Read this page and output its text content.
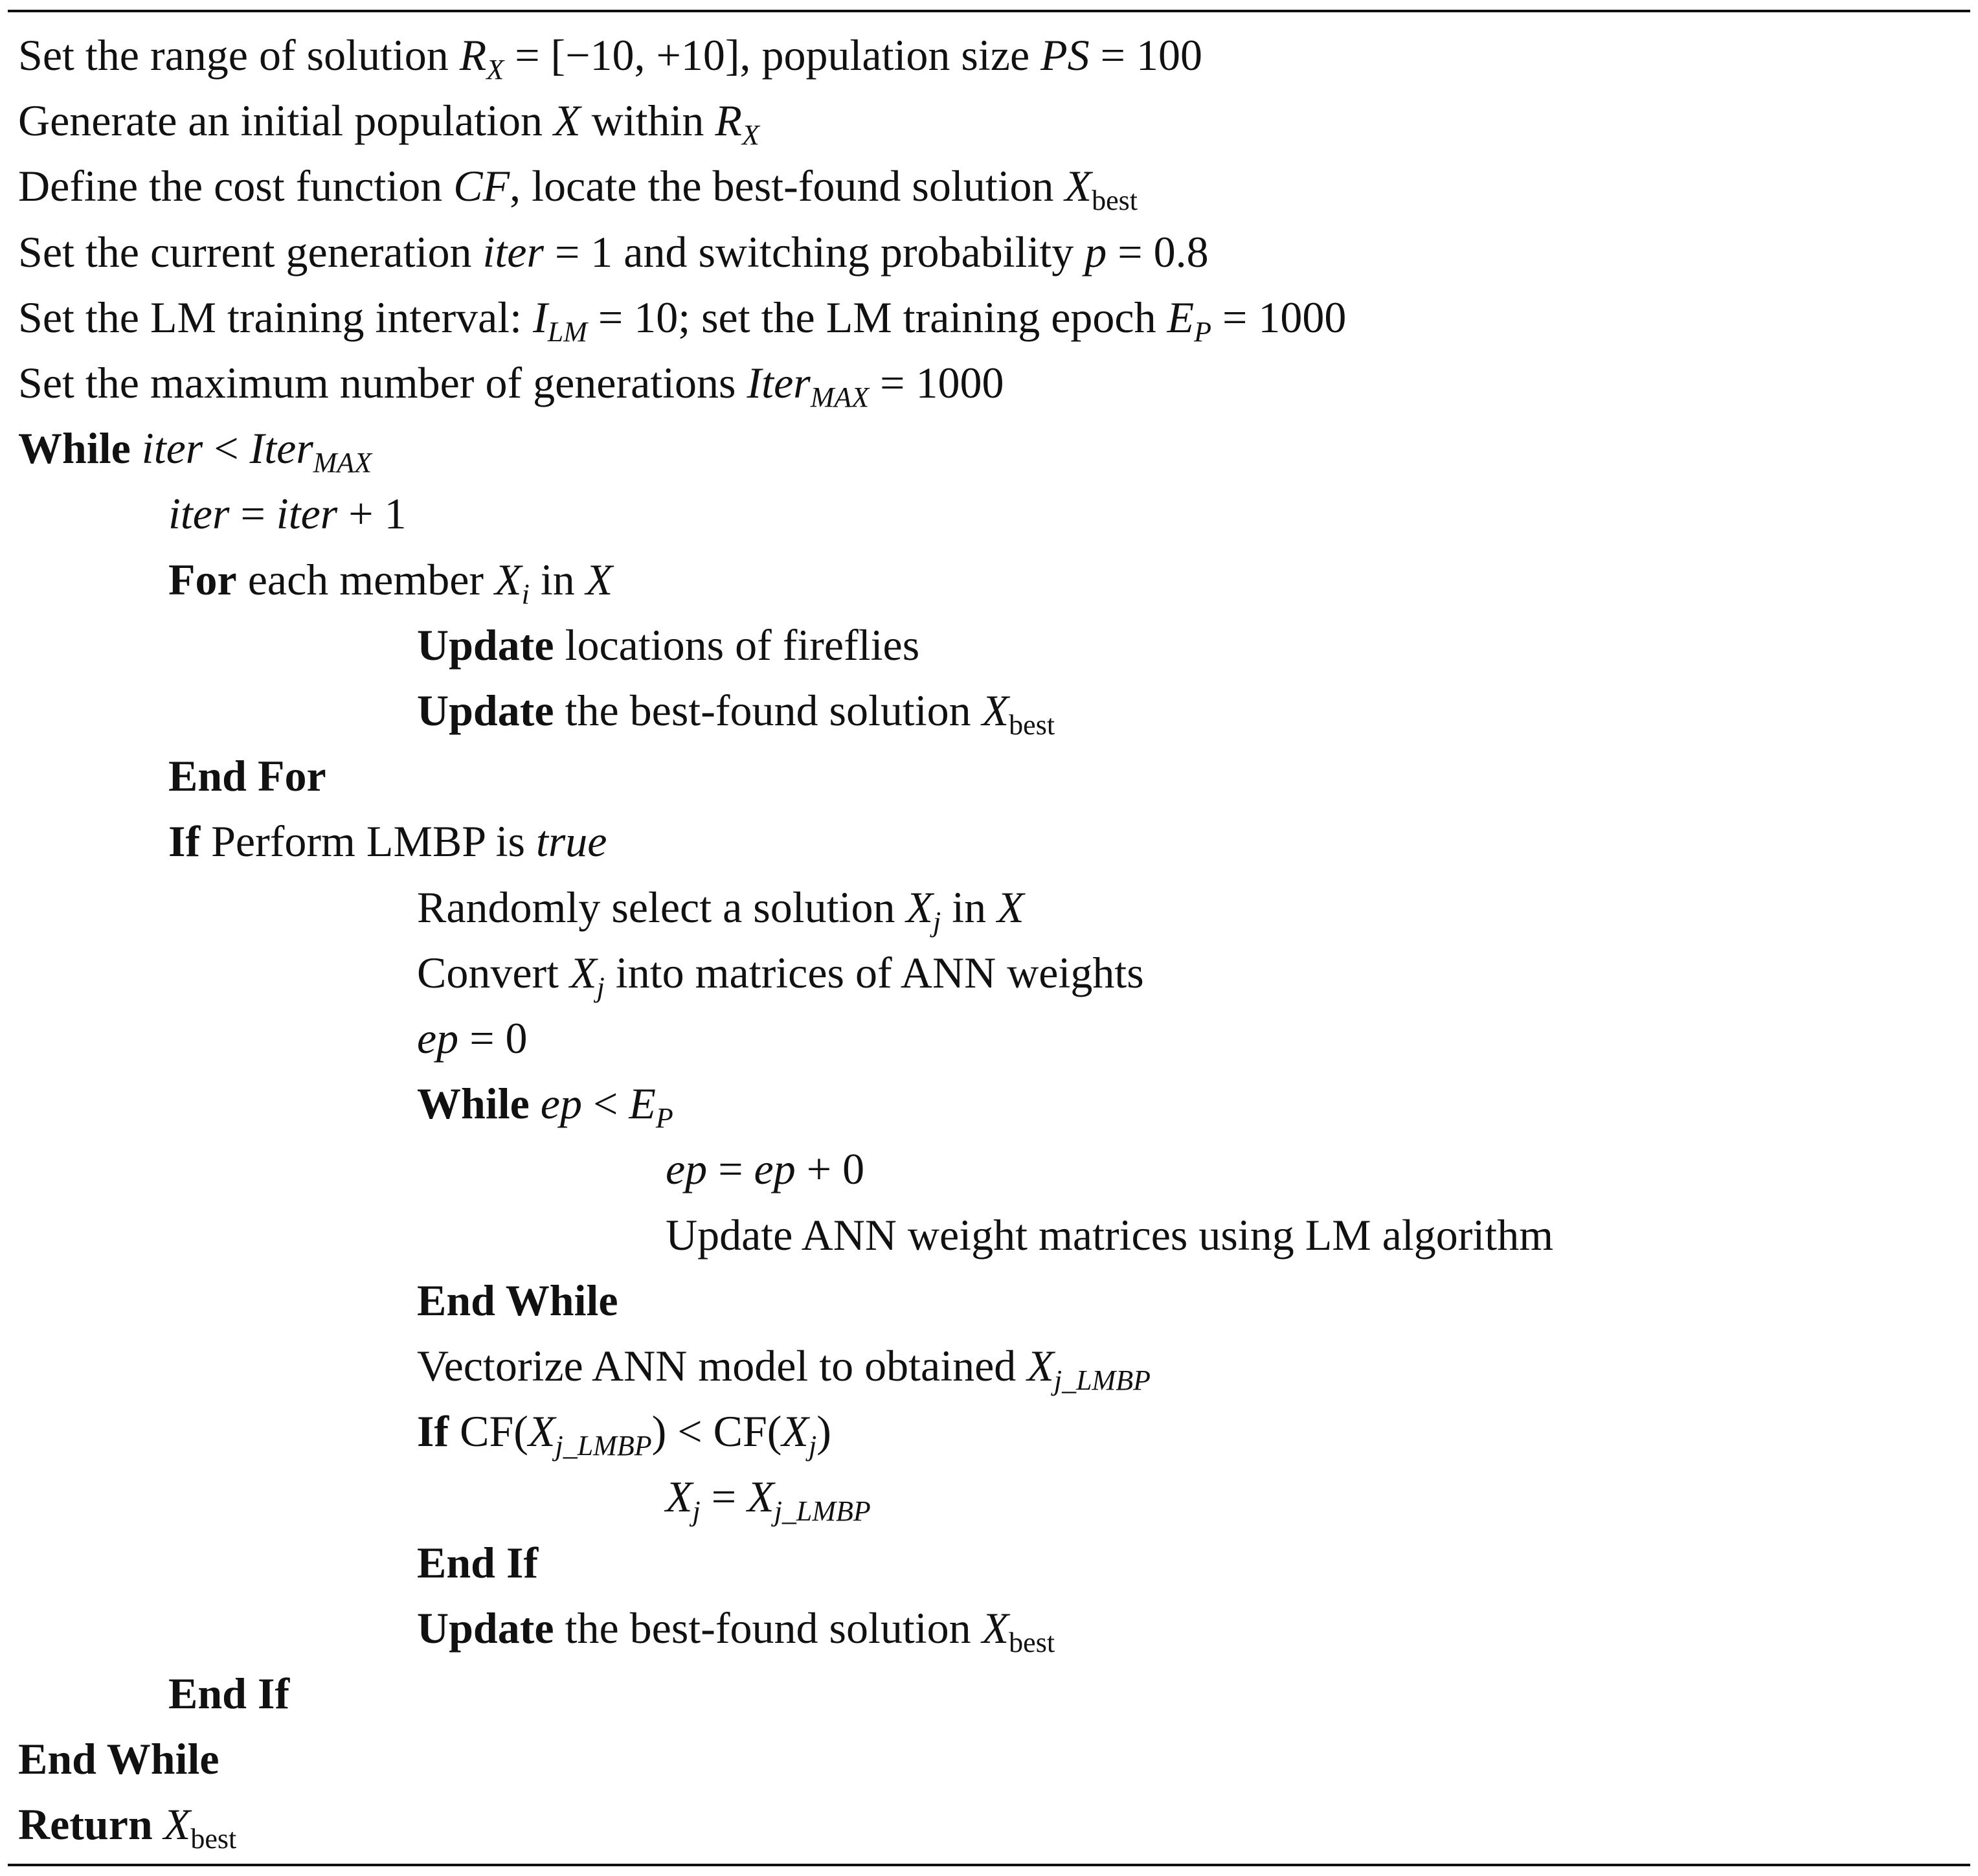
Set the range of solution $R_X = [-10$, +10], population size PS = 100
Generate an initial population X within $R_X$
Define the cost function CF, locate the best-found solution $X_{best}$
Set the current generation iter = 1 and switching probability p = 0.8
Set the LM training interval: $I_{LM} = 10$; set the LM training epoch $E_P = 1000$
Set the maximum number of generations Iter$_{MAX}$ = 1000
While iter < Iter$_{MAX}$
iter = iter + 1
For each member $X_i$ in X
Update locations of fireflies
Update the best-found solution $X_{best}$
End For
If Perform LMBP is true
Randomly select a solution $X_j$ in X
Convert $X_j$ into matrices of ANN weights
ep = 0
While ep < $E_P$
ep = ep + 0
Update ANN weight matrices using LM algorithm
End While
Vectorize ANN model to obtained $X_{j\_LMBP}$
If $CF(X_{j\_LMBP}) < CF(X_j)$
$X_j = X_{j\_LMBP}$
End If
Update the best-found solution $X_{best}$
End If
End While
Return $X_{best}$
